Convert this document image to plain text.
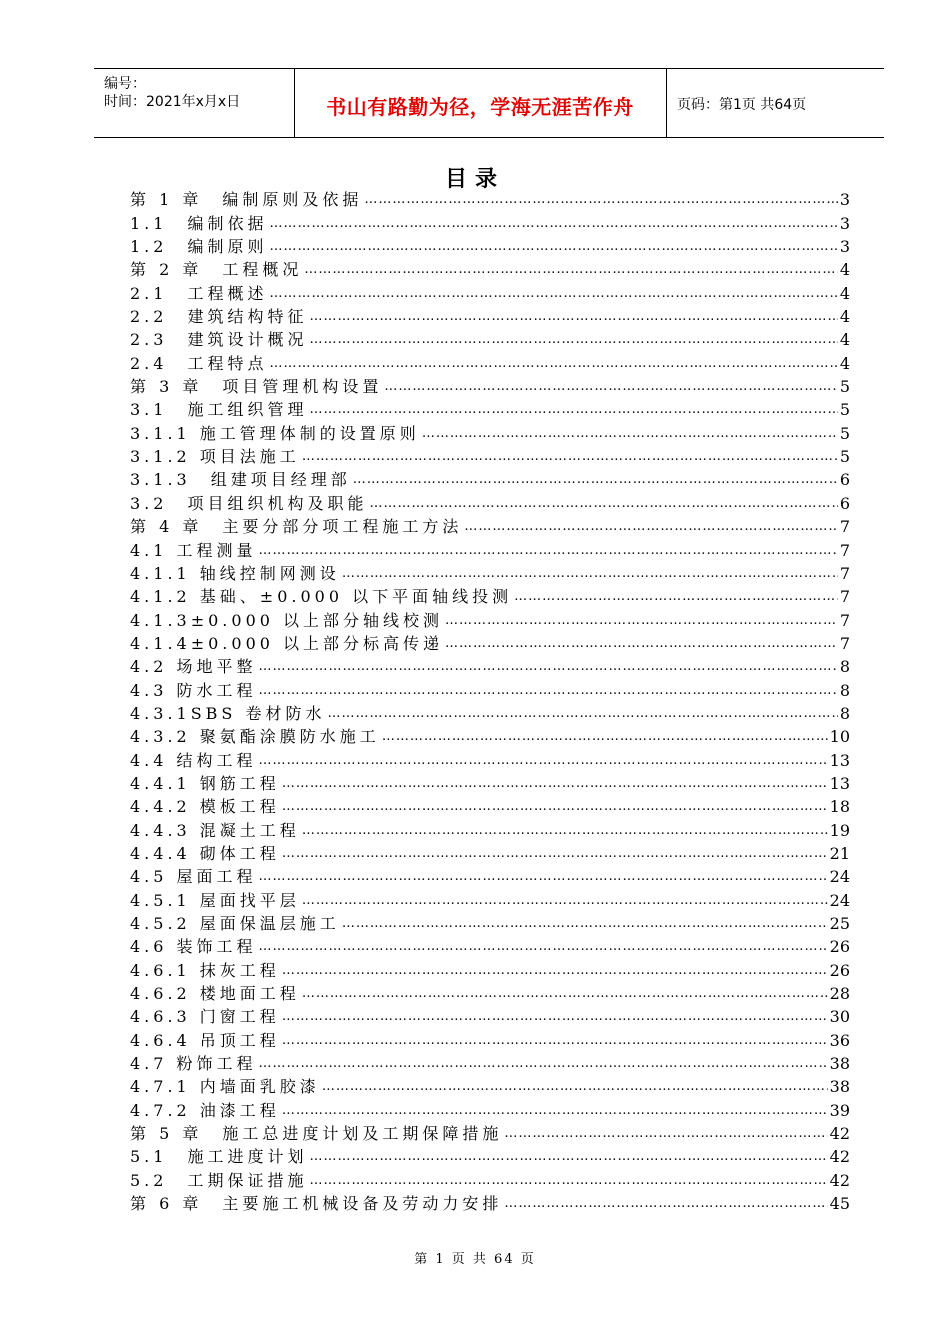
编号：
时间：2021年x月x日	书山有路勤为径，学海无涯苦作舟	页码：第1页 共64页
目录
第 1 章　编制原则及依据 ………………………………………………………………………………………………………………………………………………………………	3
1.1　编制依据 ………………………………………………………………………………………………………………………………………………………………	3
1.2　编制原则 ………………………………………………………………………………………………………………………………………………………………	3
第 2 章　工程概况 ………………………………………………………………………………………………………………………………………………………………	4
2.1　工程概述 ………………………………………………………………………………………………………………………………………………………………	4
2.2　建筑结构特征 ………………………………………………………………………………………………………………………………………………………………	4
2.3　建筑设计概况 ………………………………………………………………………………………………………………………………………………………………	4
2.4　工程特点 ………………………………………………………………………………………………………………………………………………………………	4
第 3 章　项目管理机构设置 ………………………………………………………………………………………………………………………………………………………………	5
3.1　施工组织管理 ………………………………………………………………………………………………………………………………………………………………	5
3.1.1 施工管理体制的设置原则 ………………………………………………………………………………………………………………………………………………………………	5
3.1.2 项目法施工 ………………………………………………………………………………………………………………………………………………………………	5
3.1.3　组建项目经理部 ………………………………………………………………………………………………………………………………………………………………	6
3.2　项目组织机构及职能 ………………………………………………………………………………………………………………………………………………………………	6
第 4 章　主要分部分项工程施工方法 ………………………………………………………………………………………………………………………………………………………………	7
4.1 工程测量 ………………………………………………………………………………………………………………………………………………………………	7
4.1.1 轴线控制网测设 ………………………………………………………………………………………………………………………………………………………………	7
4.1.2 基础、±0.000 以下平面轴线投测 ………………………………………………………………………………………………………………………………………………………………	7
4.1.3±0.000 以上部分轴线校测 ………………………………………………………………………………………………………………………………………………………………	7
4.1.4±0.000 以上部分标高传递 ………………………………………………………………………………………………………………………………………………………………	7
4.2 场地平整 ………………………………………………………………………………………………………………………………………………………………	8
4.3 防水工程 ………………………………………………………………………………………………………………………………………………………………	8
4.3.1SBS 卷材防水 ………………………………………………………………………………………………………………………………………………………………	8
4.3.2 聚氨酯涂膜防水施工 ………………………………………………………………………………………………………………………………………………………………	10
4.4 结构工程 ………………………………………………………………………………………………………………………………………………………………	13
4.4.1 钢筋工程 ………………………………………………………………………………………………………………………………………………………………	13
4.4.2 模板工程 ………………………………………………………………………………………………………………………………………………………………	18
4.4.3 混凝土工程 ………………………………………………………………………………………………………………………………………………………………	19
4.4.4 砌体工程 ………………………………………………………………………………………………………………………………………………………………	21
4.5 屋面工程 ………………………………………………………………………………………………………………………………………………………………	24
4.5.1 屋面找平层 ………………………………………………………………………………………………………………………………………………………………	24
4.5.2 屋面保温层施工 ………………………………………………………………………………………………………………………………………………………………	25
4.6 装饰工程 ………………………………………………………………………………………………………………………………………………………………	26
4.6.1 抹灰工程 ………………………………………………………………………………………………………………………………………………………………	26
4.6.2 楼地面工程 ………………………………………………………………………………………………………………………………………………………………	28
4.6.3 门窗工程 ………………………………………………………………………………………………………………………………………………………………	30
4.6.4 吊顶工程 ………………………………………………………………………………………………………………………………………………………………	36
4.7 粉饰工程 ………………………………………………………………………………………………………………………………………………………………	38
4.7.1 内墙面乳胶漆 ………………………………………………………………………………………………………………………………………………………………	38
4.7.2 油漆工程 ………………………………………………………………………………………………………………………………………………………………	39
第 5 章　施工总进度计划及工期保障措施 ………………………………………………………………………………………………………………………………………………………………	42
5.1　施工进度计划 ………………………………………………………………………………………………………………………………………………………………	42
5.2　工期保证措施 ………………………………………………………………………………………………………………………………………………………………	42
第 6 章　主要施工机械设备及劳动力安排 ………………………………………………………………………………………………………………………………………………………………	45
第 1 页 共 64 页
